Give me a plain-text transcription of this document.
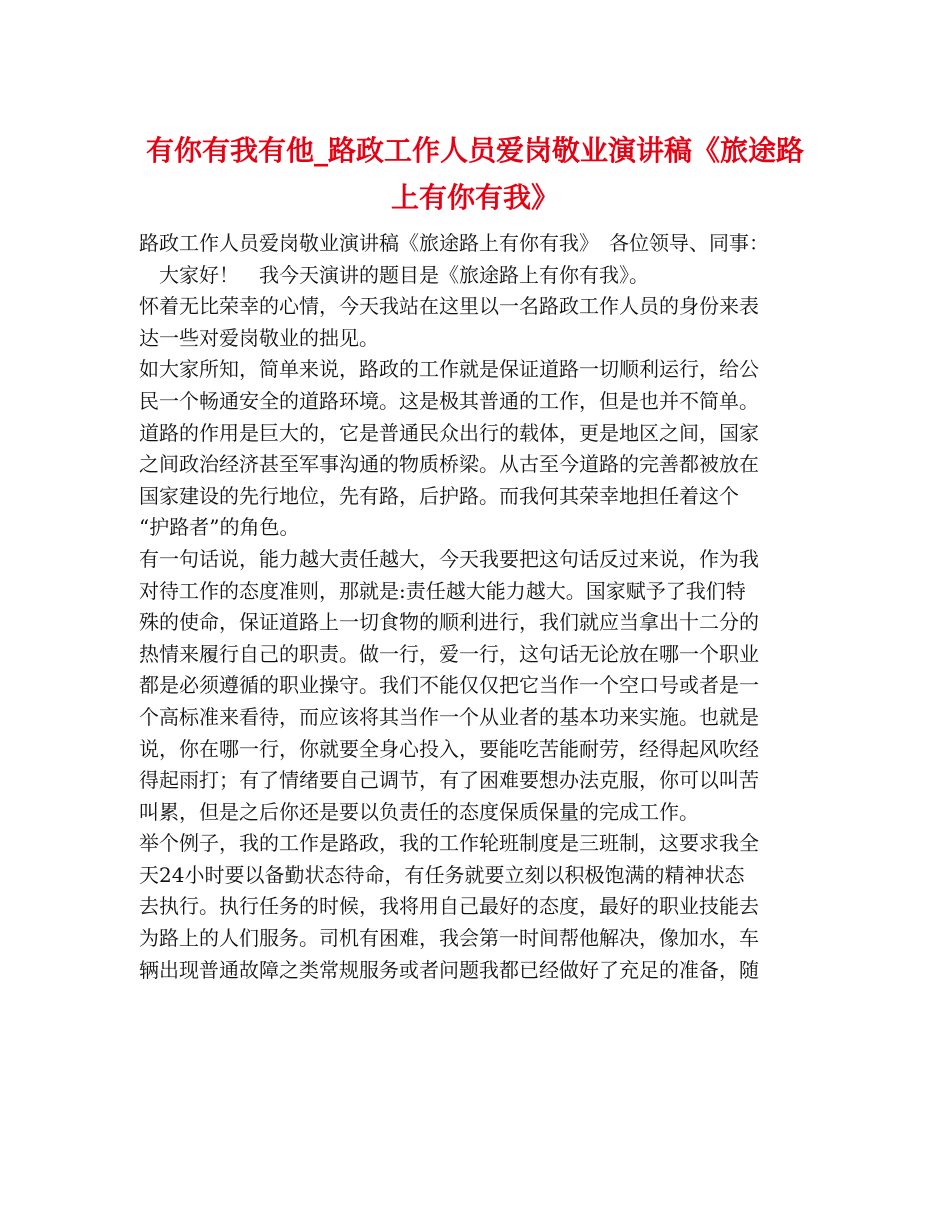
有你有我有他_路政工作人员爱岗敬业演讲稿《旅途路
上有你有我》
路政工作人员爱岗敬业演讲稿《旅途路上有你有我》　各位领导、同事：
　大家好！　我今天演讲的题目是《旅途路上有你有我》。
怀着无比荣幸的心情，今天我站在这里以一名路政工作人员的身份来表
达一些对爱岗敬业的拙见。
如大家所知，简单来说，路政的工作就是保证道路一切顺利运行，给公
民一个畅通安全的道路环境。这是极其普通的工作，但是也并不简单。
道路的作用是巨大的，它是普通民众出行的载体，更是地区之间，国家
之间政治经济甚至军事沟通的物质桥梁。从古至今道路的完善都被放在
国家建设的先行地位，先有路，后护路。而我何其荣幸地担任着这个
“护路者”的角色。
有一句话说，能力越大责任越大，今天我要把这句话反过来说，作为我
对待工作的态度准则，那就是:责任越大能力越大。国家赋予了我们特
殊的使命，保证道路上一切食物的顺利进行，我们就应当拿出十二分的
热情来履行自己的职责。做一行，爱一行，这句话无论放在哪一个职业
都是必须遵循的职业操守。我们不能仅仅把它当作一个空口号或者是一
个高标准来看待，而应该将其当作一个从业者的基本功来实施。也就是
说，你在哪一行，你就要全身心投入，要能吃苦能耐劳，经得起风吹经
得起雨打；有了情绪要自己调节，有了困难要想办法克服，你可以叫苦
叫累，但是之后你还是要以负责任的态度保质保量的完成工作。
举个例子，我的工作是路政，我的工作轮班制度是三班制，这要求我全
天24小时要以备勤状态待命，有任务就要立刻以积极饱满的精神状态
去执行。执行任务的时候，我将用自己最好的态度，最好的职业技能去
为路上的人们服务。司机有困难，我会第一时间帮他解决，像加水，车
辆出现普通故障之类常规服务或者问题我都已经做好了充足的准备，随
